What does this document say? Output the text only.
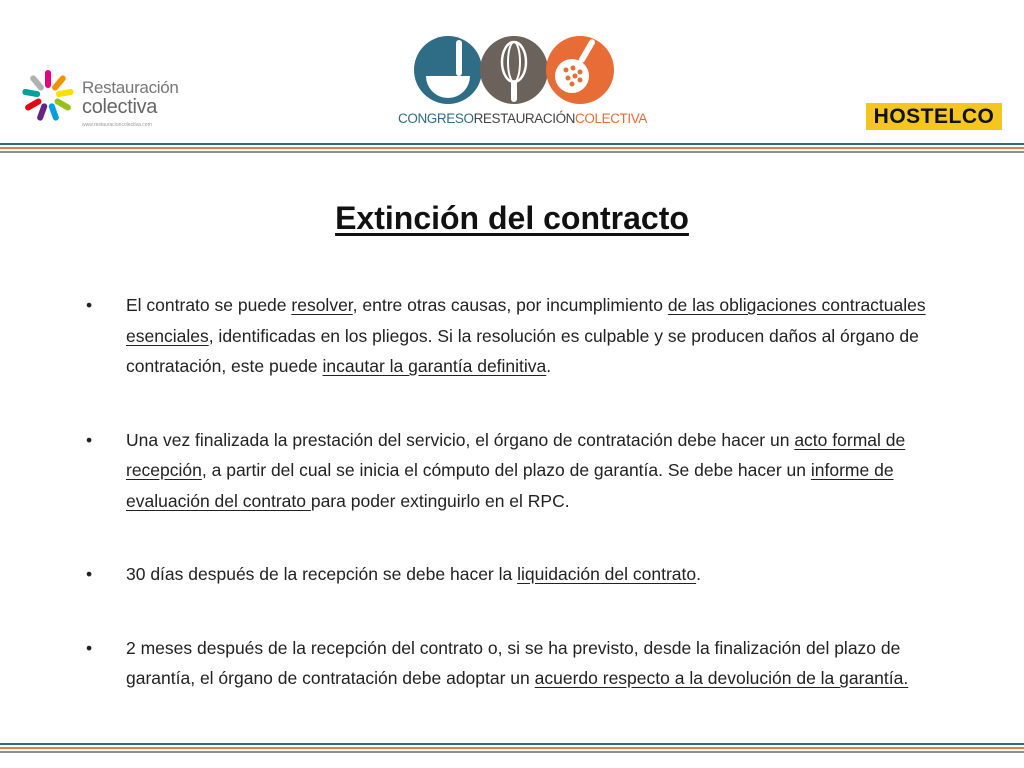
Restauración
colectiva
www.restauracioncolectiva.com	CONGRESORESTAURACIÓNCOLECTIVA	HOSTELCO
Extinción del contracto
• El contrato se puede resolver, entre otras causas, por incumplimiento de las obligaciones contractuales esenciales, identificadas en los pliegos. Si la resolución es culpable y se producen daños al órgano de contratación, este puede incautar la garantía definitiva.
• Una vez finalizada la prestación del servicio, el órgano de contratación debe hacer un acto formal de recepción, a partir del cual se inicia el cómputo del plazo de garantía. Se debe hacer un informe de evaluación del contrato para poder extinguirlo en el RPC.
• 30 días después de la recepción se debe hacer la liquidación del contrato.
• 2 meses después de la recepción del contrato o, si se ha previsto, desde la finalización del plazo de garantía, el órgano de contratación debe adoptar un acuerdo respecto a la devolución de la garantía.
